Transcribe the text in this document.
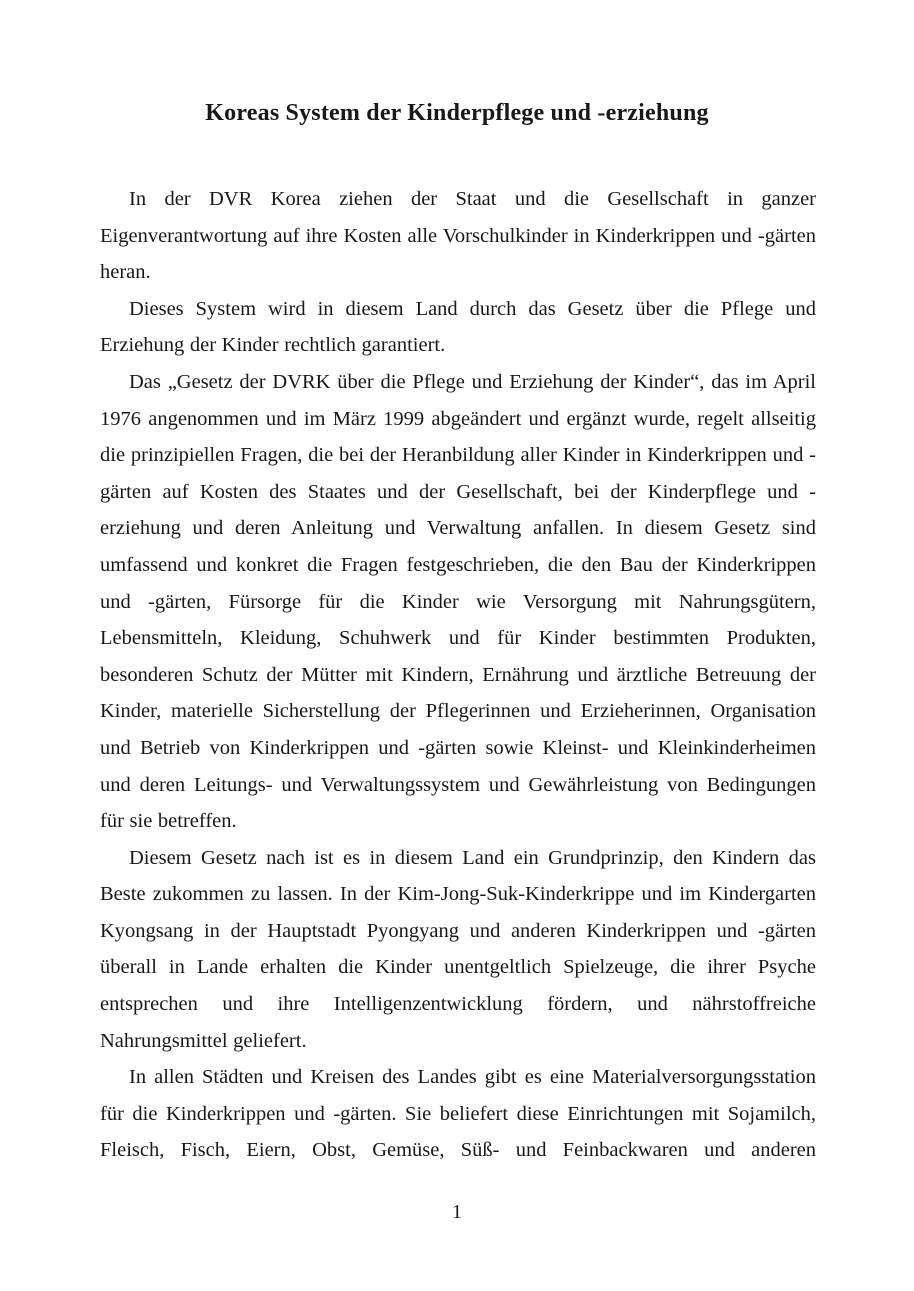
Koreas System der Kinderpflege und -erziehung

In der DVR Korea ziehen der Staat und die Gesellschaft in ganzer Eigenverantwortung auf ihre Kosten alle Vorschulkinder in Kinderkrippen und -gärten heran.

Dieses System wird in diesem Land durch das Gesetz über die Pflege und Erziehung der Kinder rechtlich garantiert.

Das „Gesetz der DVRK über die Pflege und Erziehung der Kinder“, das im April 1976 angenommen und im März 1999 abgeändert und ergänzt wurde, regelt allseitig die prinzipiellen Fragen, die bei der Heranbildung aller Kinder in Kinderkrippen und -gärten auf Kosten des Staates und der Gesellschaft, bei der Kinderpflege und -erziehung und deren Anleitung und Verwaltung anfallen. In diesem Gesetz sind umfassend und konkret die Fragen festgeschrieben, die den Bau der Kinderkrippen und -gärten, Fürsorge für die Kinder wie Versorgung mit Nahrungsgütern, Lebensmitteln, Kleidung, Schuhwerk und für Kinder bestimmten Produkten, besonderen Schutz der Mütter mit Kindern, Ernährung und ärztliche Betreuung der Kinder, materielle Sicherstellung der Pflegerinnen und Erzieherinnen, Organisation und Betrieb von Kinderkrippen und -gärten sowie Kleinst- und Kleinkinderheimen und deren Leitungs- und Verwaltungssystem und Gewährleistung von Bedingungen für sie betreffen.

Diesem Gesetz nach ist es in diesem Land ein Grundprinzip, den Kindern das Beste zukommen zu lassen. In der Kim-Jong-Suk-Kinderkrippe und im Kindergarten Kyongsang in der Hauptstadt Pyongyang und anderen Kinderkrippen und -gärten überall in Lande erhalten die Kinder unentgeltlich Spielzeuge, die ihrer Psyche entsprechen und ihre Intelligenzentwicklung fördern, und nährstoffreiche Nahrungsmittel geliefert.

In allen Städten und Kreisen des Landes gibt es eine Materialversorgungsstation für die Kinderkrippen und -gärten. Sie beliefert diese Einrichtungen mit Sojamilch, Fleisch, Fisch, Eiern, Obst, Gemüse, Süß- und Feinbackwaren und anderen

1
